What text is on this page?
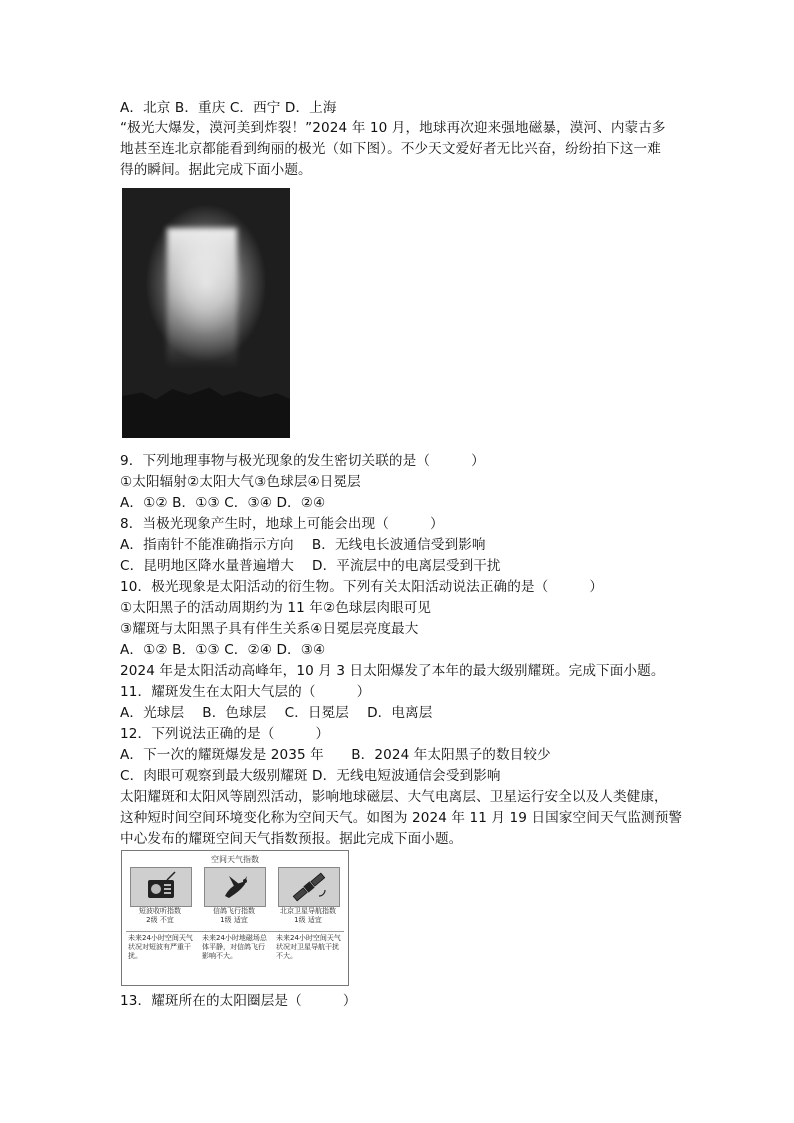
A．北京 B．重庆 C．西宁 D．上海
“极光大爆发，漠河美到炸裂！”2024 年 10 月，地球再次迎来强地磁暴，漠河、内蒙古多
地甚至连北京都能看到绚丽的极光（如下图）。不少天文爱好者无比兴奋，纷纷拍下这一难
得的瞬间。据此完成下面小题。
9．下列地理事物与极光现象的发生密切关联的是（　　　）
①太阳辐射②太阳大气③色球层④日冕层
A．①② B．①③ C．③④ D．②④
8．当极光现象产生时，地球上可能会出现（　　　）
A．指南针不能准确指示方向　 B．无线电长波通信受到影响
C．昆明地区降水量普遍增大　 D．平流层中的电离层受到干扰
10．极光现象是太阳活动的衍生物。下列有关太阳活动说法正确的是（　　　）
①太阳黑子的活动周期约为 11 年②色球层肉眼可见
③耀斑与太阳黑子具有伴生关系④日冕层亮度最大
A．①② B．①③ C．②④ D．③④
2024 年是太阳活动高峰年，10 月 3 日太阳爆发了本年的最大级别耀斑。完成下面小题。
11．耀斑发生在太阳大气层的（　　　）
A．光球层　 B．色球层　 C．日冕层　 D．电离层
12．下列说法正确的是（　　　）
A．下一次的耀斑爆发是 2035 年　　B．2024 年太阳黑子的数目较少
C．肉眼可观察到最大级别耀斑 D．无线电短波通信会受到影响
太阳耀斑和太阳风等剧烈活动，影响地球磁层、大气电离层、卫星运行安全以及人类健康，
这种短时间空间环境变化称为空间天气。如图为 2024 年 11 月 19 日国家空间天气监测预警
中心发布的耀斑空间天气指数预报。据此完成下面小题。
空间天气指数
短波收听指数
2级 不宜
信鸽飞行指数
1级 适宜
北京卫星导航指数
1级 适宜
未来24小时空间天气状况对短波有严重干扰。
未来24小时地磁场总体平静，对信鸽飞行影响不大。
未来24小时空间天气状况对卫星导航干扰不大。
13．耀斑所在的太阳圈层是（　　　）
